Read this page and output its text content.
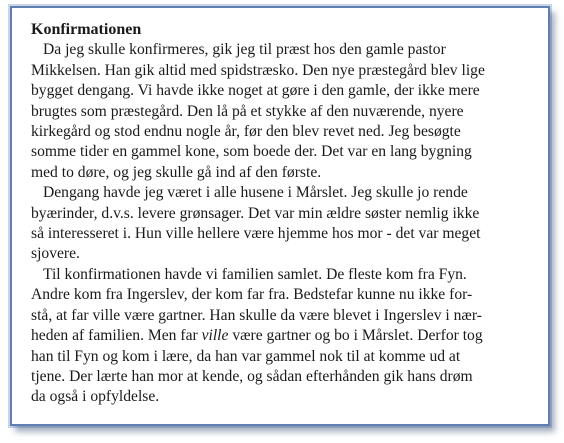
Konfirmationen
Da jeg skulle konfirmeres, gik jeg til præst hos den gamle pastor
Mikkelsen. Han gik altid med spidstræsko. Den nye præstegård blev lige
bygget dengang. Vi havde ikke noget at gøre i den gamle, der ikke mere
brugtes som præstegård. Den lå på et stykke af den nuværende, nyere
kirkegård og stod endnu nogle år, før den blev revet ned. Jeg besøgte
somme tider en gammel kone, som boede der. Det var en lang bygning
med to døre, og jeg skulle gå ind af den første.
Dengang havde jeg været i alle husene i Mårslet. Jeg skulle jo rende
byærinder, d.v.s. levere grønsager. Det var min ældre søster nemlig ikke
så interesseret i. Hun ville hellere være hjemme hos mor - det var meget
sjovere.
Til konfirmationen havde vi familien samlet. De fleste kom fra Fyn.
Andre kom fra Ingerslev, der kom far fra. Bedstefar kunne nu ikke for-
stå, at far ville være gartner. Han skulle da være blevet i Ingerslev i nær-
heden af familien. Men far ville være gartner og bo i Mårslet. Derfor tog
han til Fyn og kom i lære, da han var gammel nok til at komme ud at
tjene. Der lærte han mor at kende, og sådan efterhånden gik hans drøm
da også i opfyldelse.
